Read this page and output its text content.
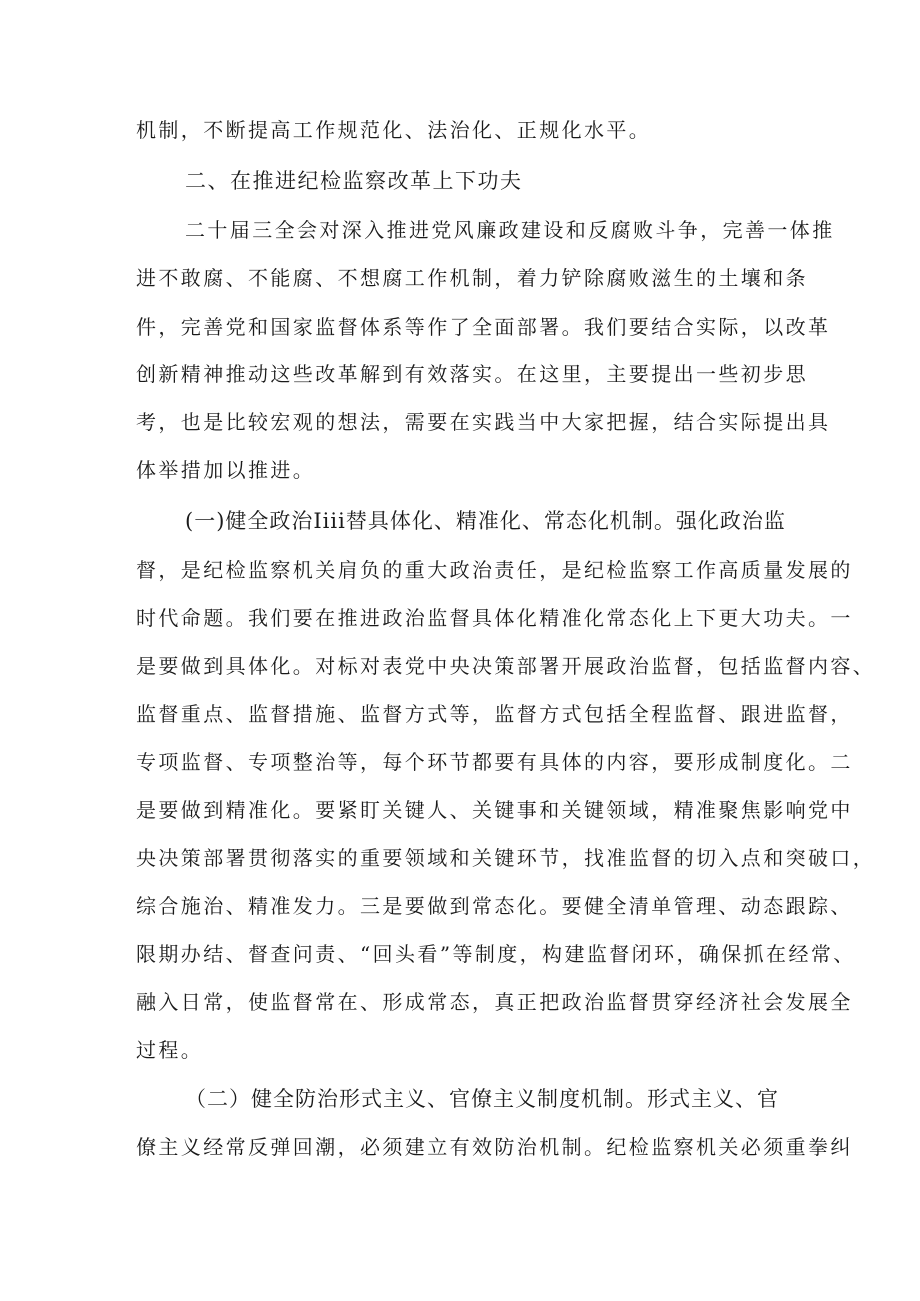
机制，不断提高工作规范化、法治化、正规化水平。
二、在推进纪检监察改革上下功夫
二十届三全会对深入推进党风廉政建设和反腐败斗争，完善一体推
进不敢腐、不能腐、不想腐工作机制，着力铲除腐败滋生的土壤和条
件，完善党和国家监督体系等作了全面部署。我们要结合实际，以改革
创新精神推动这些改革解到有效落实。在这里，主要提出一些初步思
考，也是比较宏观的想法，需要在实践当中大家把握，结合实际提出具
体举措加以推进。
(一)健全政治Iiii替具体化、精准化、常态化机制。强化政治监
督，是纪检监察机关肩负的重大政治责任，是纪检监察工作高质量发展的
时代命题。我们要在推进政治监督具体化精准化常态化上下更大功夫。一
是要做到具体化。对标对表党中央决策部署开展政治监督，包括监督内容、
监督重点、监督措施、监督方式等，监督方式包括全程监督、跟进监督，
专项监督、专项整治等，每个环节都要有具体的内容，要形成制度化。二
是要做到精准化。要紧盯关键人、关键事和关键领域，精准聚焦影响党中
央决策部署贯彻落实的重要领域和关键环节，找准监督的切入点和突破口，
综合施治、精准发力。三是要做到常态化。要健全清单管理、动态跟踪、
限期办结、督查问责、“回头看”等制度，构建监督闭环，确保抓在经常、
融入日常，使监督常在、形成常态，真正把政治监督贯穿经济社会发展全
过程。
（二）健全防治形式主义、官僚主义制度机制。形式主义、官
僚主义经常反弹回潮，必须建立有效防治机制。纪检监察机关必须重拳纠
